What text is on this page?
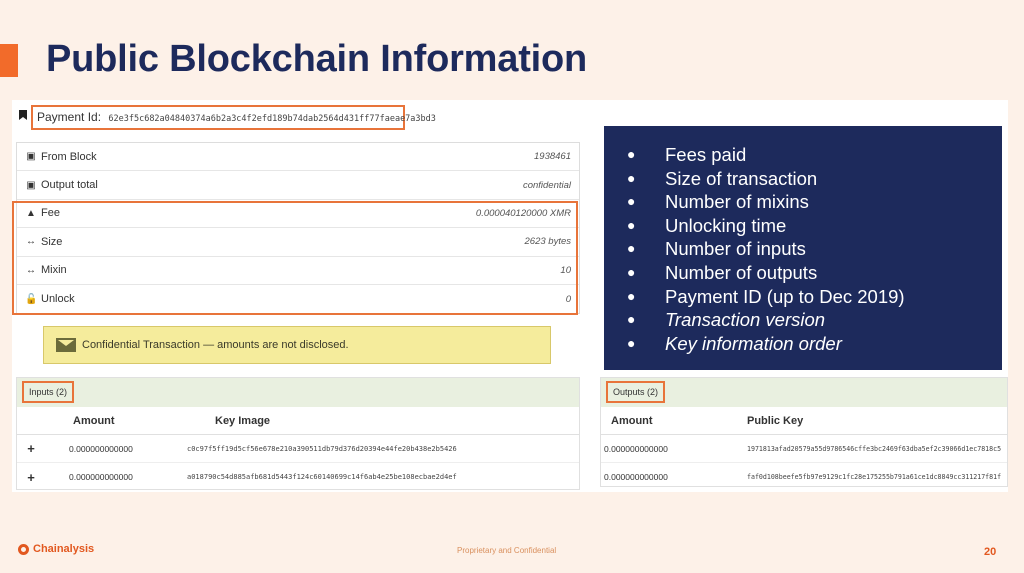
Public Blockchain Information
Payment Id: 62e3f5c682a04840374a6b2a3c4f2efd189b74dab2564d431ff77faeae7a3bd3
▣ From Block	1938461
▣ Output total	confidential
▲ Fee	0.000040120000 XMR
↔ Size	2623 bytes
↔ Mixin	10
🔓 Unlock	0
Confidential Transaction — amounts are not disclosed.
Inputs (2)
Amount	Key Image
+	0.000000000000	c0c97f5ff19d5cf56e678e210a390511db79d376d20394e44fe20b438e2b5426
+	0.000000000000	a018790c54d885afb681d5443f124c60140699c14f6ab4e25be108ecbae2d4ef
Outputs (2)
Amount	Public Key
0.000000000000	1971813afad20579a55d9786546cffe3bc2469f63dba5ef2c39066d1ec7818c5
0.000000000000	faf0d108beefe5fb97e9129c1fc28e175255b791a61ce1dc8849cc311217f81f
●	Fees paid
●	Size of transaction
●	Number of mixins
●	Unlocking time
●	Number of inputs
●	Number of outputs
●	Payment ID (up to Dec 2019)
●	Transaction version
●	Key information order
Chainalysis	Proprietary and Confidential	20
